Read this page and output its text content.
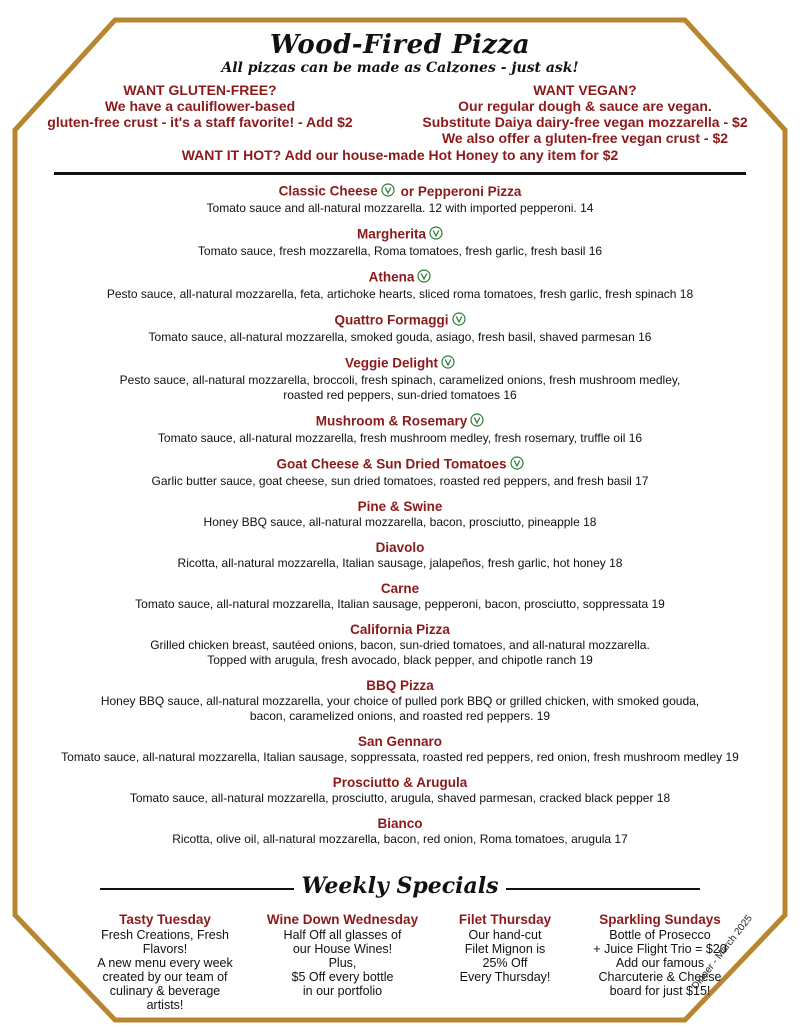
Wood-Fired Pizza

All pizzas can be made as Calzones - just ask!

WANT GLUTEN-FREE?
We have a cauliflower-based
gluten-free crust - it's a staff favorite! - Add $2
WANT VEGAN?
Our regular dough & sauce are vegan.
Substitute Daiya dairy-free vegan mozzarella - $2
We also offer a gluten-free vegan crust - $2
WANT IT HOT? Add our house-made Hot Honey to any item for $2
Classic Cheese or Pepperoni Pizza
Tomato sauce and all-natural mozzarella. 12 with imported pepperoni. 14
Margherita
Tomato sauce, fresh mozzarella, Roma tomatoes, fresh garlic, fresh basil 16
Athena
Pesto sauce, all-natural mozzarella, feta, artichoke hearts, sliced roma tomatoes, fresh garlic, fresh spinach 18
Quattro Formaggi
Tomato sauce, all-natural mozzarella, smoked gouda, asiago, fresh basil, shaved parmesan 16
Veggie Delight
Pesto sauce, all-natural mozzarella, broccoli, fresh spinach, caramelized onions, fresh mushroom medley,
roasted red peppers, sun-dried tomatoes 16
Mushroom & Rosemary
Tomato sauce, all-natural mozzarella, fresh mushroom medley, fresh rosemary, truffle oil 16
Goat Cheese & Sun Dried Tomatoes
Garlic butter sauce, goat cheese, sun dried tomatoes, roasted red peppers, and fresh basil 17
Pine & Swine
Honey BBQ sauce, all-natural mozzarella, bacon, prosciutto, pineapple 18
Diavolo
Ricotta, all-natural mozzarella, Italian sausage, jalapeños, fresh garlic, hot honey 18
Carne
Tomato sauce, all-natural mozzarella, Italian sausage, pepperoni, bacon, prosciutto, soppressata 19
California Pizza
Grilled chicken breast, sautéed onions, bacon, sun-dried tomatoes, and all-natural mozzarella.
Topped with arugula, fresh avocado, black pepper, and chipotle ranch 19
BBQ Pizza
Honey BBQ sauce, all-natural mozzarella, your choice of pulled pork BBQ or grilled chicken, with smoked gouda,
bacon, caramelized onions, and roasted red peppers. 19
San Gennaro
Tomato sauce, all-natural mozzarella, Italian sausage, soppressata, roasted red peppers, red onion, fresh mushroom medley 19
Prosciutto & Arugula
Tomato sauce, all-natural mozzarella, prosciutto, arugula, shaved parmesan, cracked black pepper 18
Bianco
Ricotta, olive oil, all-natural mozzarella, bacon, red onion, Roma tomatoes, arugula 17
Weekly Specials
Tasty Tuesday
Fresh Creations, Fresh Flavors!
A new menu every week
created by our team of
culinary & beverage
artists!
Wine Down Wednesday
Half Off all glasses of
our House Wines!
Plus,
$5 Off every bottle
in our portfolio
Filet Thursday
Our hand-cut
Filet Mignon is
25% Off
Every Thursday!
Sparkling Sundays
Bottle of Prosecco
+ Juice Flight Trio = $20
Add our famous
Charcuterie & Cheese
board for just $15!
Dinner - March 2025
